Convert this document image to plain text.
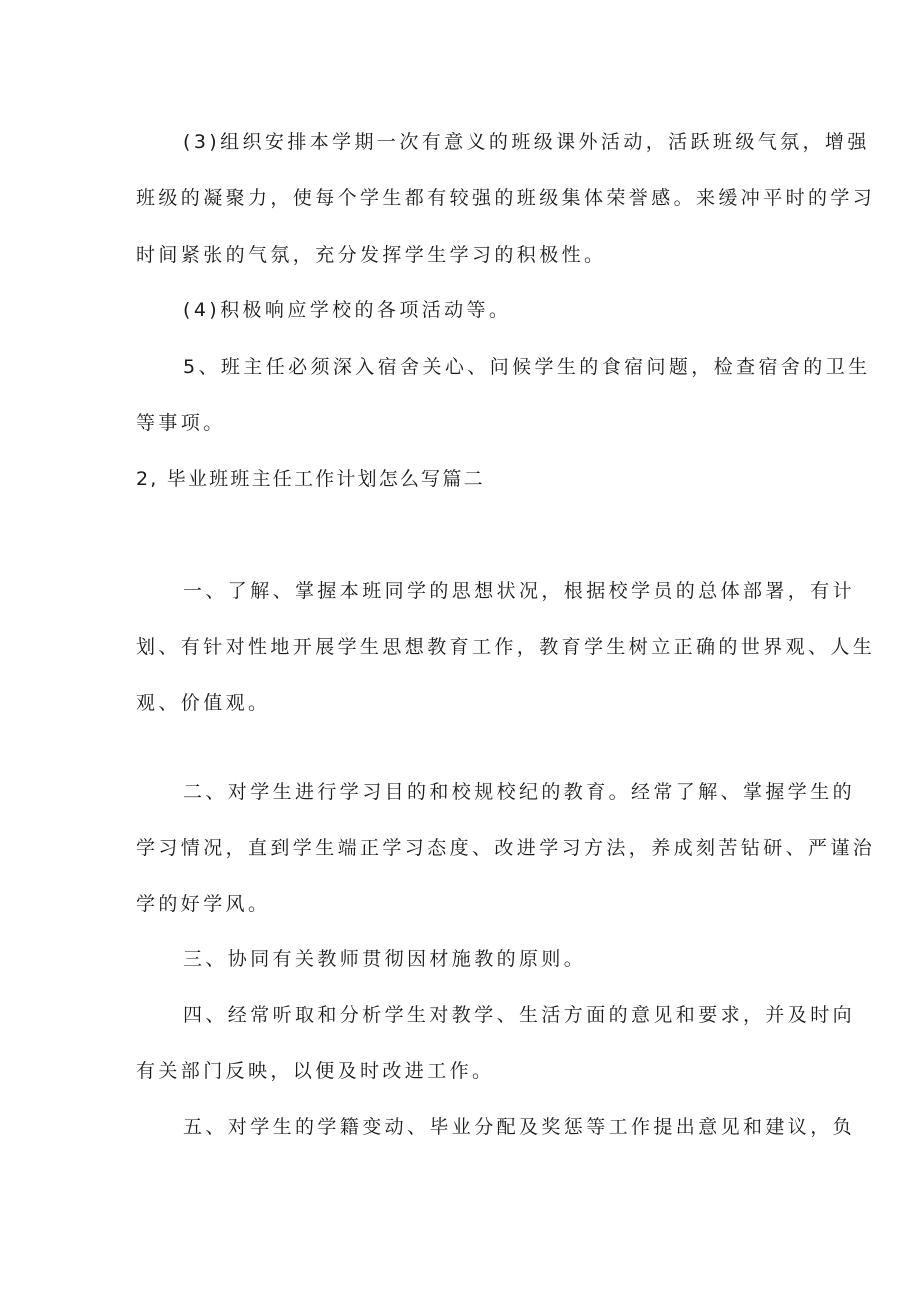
(3)组织安排本学期一次有意义的班级课外活动，活跃班级气氛，增强
班级的凝聚力，使每个学生都有较强的班级集体荣誉感。来缓冲平时的学习
时间紧张的气氛，充分发挥学生学习的积极性。
(4)积极响应学校的各项活动等。
5、班主任必须深入宿舍关心、问候学生的食宿问题，检查宿舍的卫生
等事项。
2, 毕业班班主任工作计划怎么写篇二
一、了解、掌握本班同学的思想状况，根据校学员的总体部署，有计
划、有针对性地开展学生思想教育工作，教育学生树立正确的世界观、人生
观、价值观。
二、对学生进行学习目的和校规校纪的教育。经常了解、掌握学生的
学习情况，直到学生端正学习态度、改进学习方法，养成刻苦钻研、严谨治
学的好学风。
三、协同有关教师贯彻因材施教的原则。
四、经常听取和分析学生对教学、生活方面的意见和要求，并及时向
有关部门反映，以便及时改进工作。
五、对学生的学籍变动、毕业分配及奖惩等工作提出意见和建议，负
